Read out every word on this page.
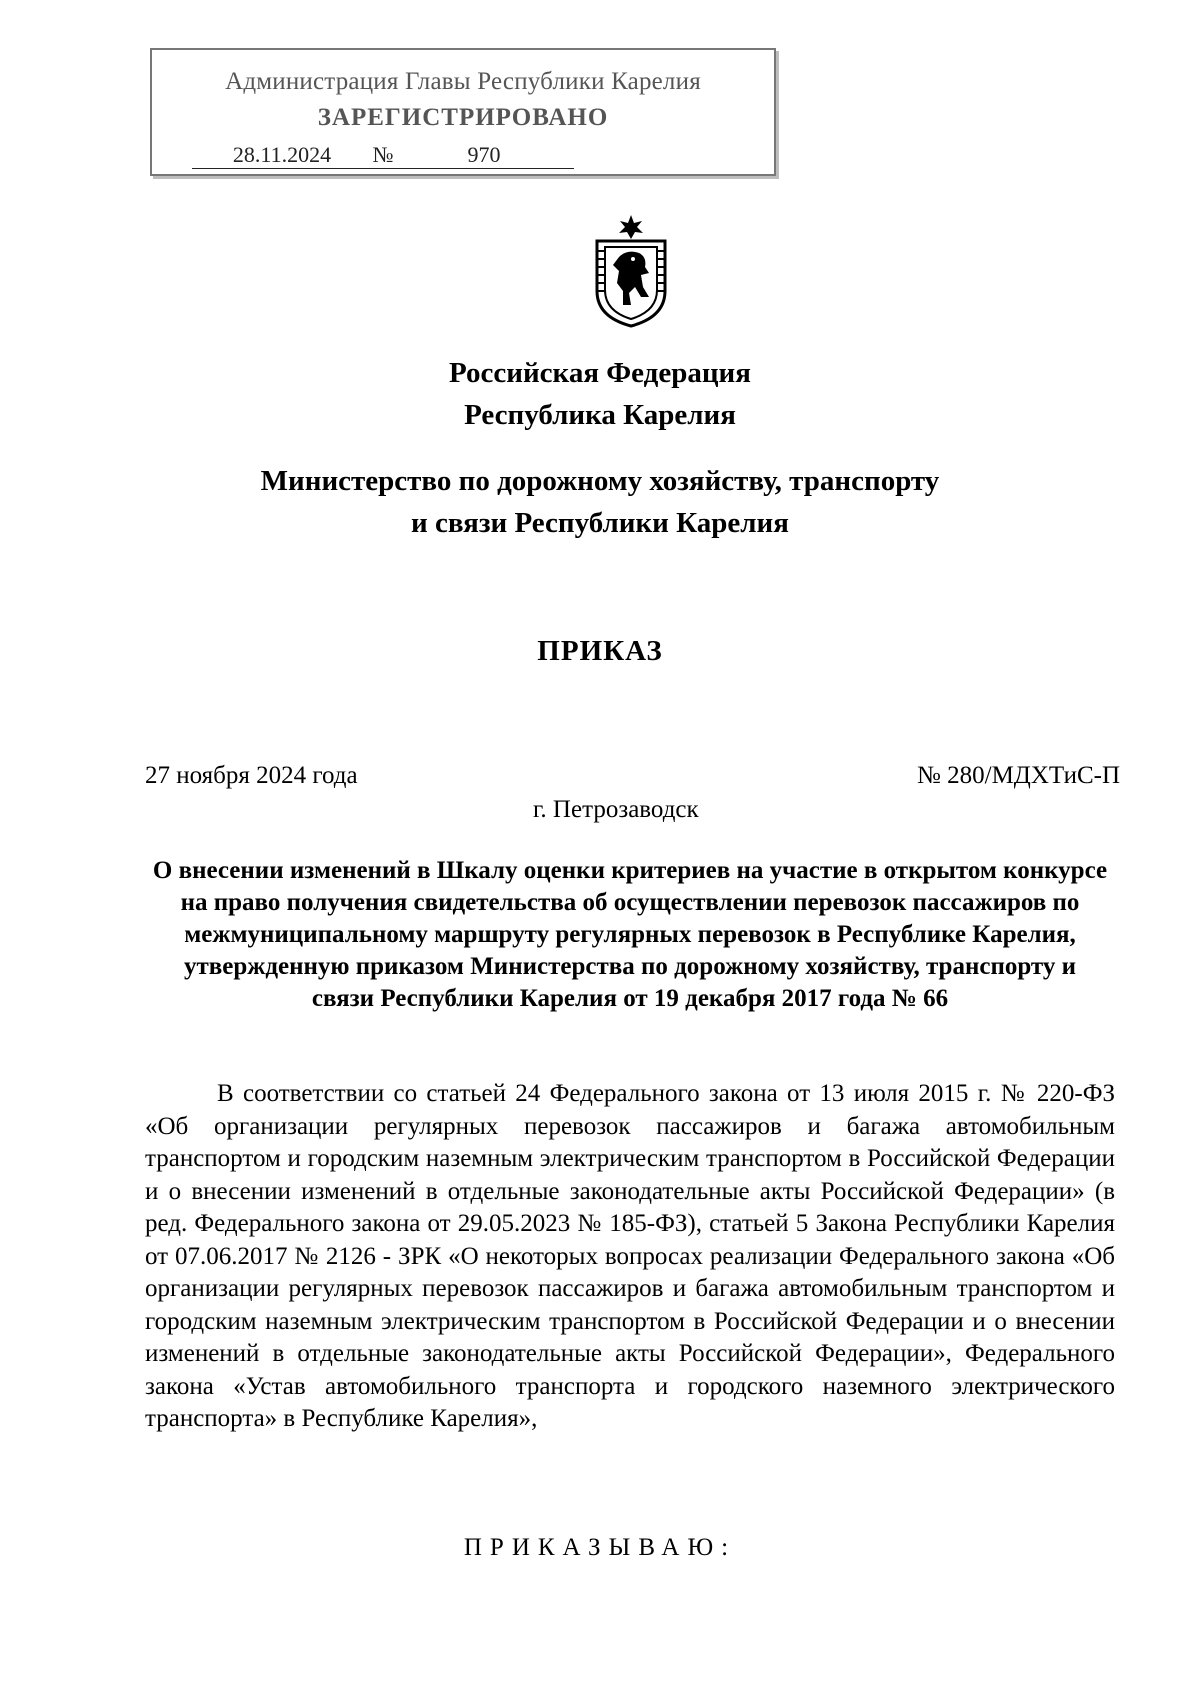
Администрация Главы Республики Карелия
ЗАРЕГИСТРИРОВАНО
28.11.2024 №	970
Российская Федерация
Республика Карелия
Министерство по дорожному хозяйству, транспорту
и связи Республики Карелия
ПРИКАЗ
27 ноября 2024 года	№ 280/МДХТиС-П
г. Петрозаводск
О внесении изменений в Шкалу оценки критериев на участие в открытом конкурсе на право получения свидетельства об осуществлении перевозок пассажиров по межмуниципальному маршруту регулярных перевозок в Республике Карелия, утвержденную приказом Министерства по дорожному хозяйству, транспорту и связи Республики Карелия от 19 декабря 2017 года № 66
В соответствии со статьей 24 Федерального закона от 13 июля 2015 г. № 220-ФЗ «Об организации регулярных перевозок пассажиров и багажа автомобильным транспортом и городским наземным электрическим транспортом в Российской Федерации и о внесении изменений в отдельные законодательные акты Российской Федерации» (в ред. Федерального закона от 29.05.2023 № 185-ФЗ), статьей 5 Закона Республики Карелия от 07.06.2017 № 2126 - ЗРК «О некоторых вопросах реализации Федерального закона «Об организации регулярных перевозок пассажиров и багажа автомобильным транспортом и городским наземным электрическим транспортом в Российской Федерации и о внесении изменений в отдельные законодательные акты Российской Федерации», Федерального закона «Устав автомобильного транспорта и городского наземного электрического транспорта» в Республике Карелия»,
ПРИКАЗЫВАЮ:
